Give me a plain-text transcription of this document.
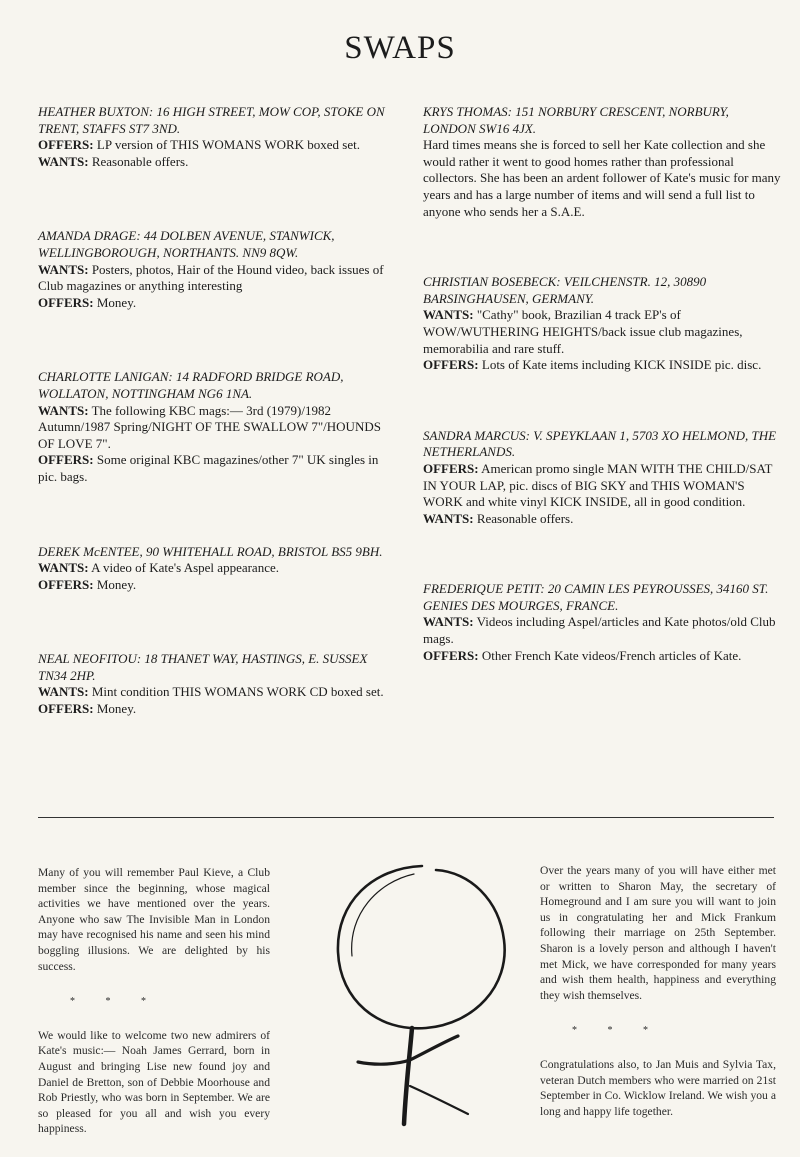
SWAPS
HEATHER BUXTON: 16 HIGH STREET, MOW COP, STOKE ON TRENT, STAFFS ST7 3ND.

OFFERS: LP version of THIS WOMANS WORK boxed set.

WANTS: Reasonable offers.

AMANDA DRAGE: 44 DOLBEN AVENUE, STANWICK, WELLINGBOROUGH, NORTHANTS. NN9 8QW.

WANTS: Posters, photos, Hair of the Hound video, back issues of Club magazines or anything interesting

OFFERS: Money.

CHARLOTTE LANIGAN: 14 RADFORD BRIDGE ROAD, WOLLATON, NOTTINGHAM NG6 1NA.

WANTS: The following KBC mags:— 3rd (1979)/1982 Autumn/1987 Spring/NIGHT OF THE SWALLOW 7"/HOUNDS OF LOVE 7".

OFFERS: Some original KBC magazines/other 7" UK singles in pic. bags.

DEREK McENTEE, 90 WHITEHALL ROAD, BRISTOL BS5 9BH.

WANTS: A video of Kate's Aspel appearance.

OFFERS: Money.

NEAL NEOFITOU: 18 THANET WAY, HASTINGS, E. SUSSEX TN34 2HP.

WANTS: Mint condition THIS WOMANS WORK CD boxed set.

OFFERS: Money.

KRYS THOMAS: 151 NORBURY CRESCENT, NORBURY, LONDON SW16 4JX.

Hard times means she is forced to sell her Kate collection and she would rather it went to good homes rather than professional collectors. She has been an ardent follower of Kate's music for many years and has a large number of items and will send a full list to anyone who sends her a S.A.E.

CHRISTIAN BOSEBECK: VEILCHENSTR. 12, 30890 BARSINGHAUSEN, GERMANY.

WANTS: "Cathy" book, Brazilian 4 track EP's of WOW/WUTHERING HEIGHTS/back issue club magazines, memorabilia and rare stuff.

OFFERS: Lots of Kate items including KICK INSIDE pic. disc.

SANDRA MARCUS: V. SPEYKLAAN 1, 5703 XO HELMOND, THE NETHERLANDS.

OFFERS: American promo single MAN WITH THE CHILD/SAT IN YOUR LAP, pic. discs of BIG SKY and THIS WOMAN'S WORK and white vinyl KICK INSIDE, all in good condition.

WANTS: Reasonable offers.

FREDERIQUE PETIT: 20 CAMIN LES PEYROUSSES, 34160 ST. GENIES DES MOURGES, FRANCE.

WANTS: Videos including Aspel/articles and Kate photos/old Club mags.

OFFERS: Other French Kate videos/French articles of Kate.

Many of you will remember Paul Kieve, a Club member since the beginning, whose magical activities we have mentioned over the years. Anyone who saw The Invisible Man in London may have recognised his name and seen his mind boggling illusions. We are delighted by his success.

* * *

We would like to welcome two new admirers of Kate's music:— Noah James Gerrard, born in August and bringing Lise new found joy and Daniel de Bretton, son of Debbie Moorhouse and Rob Priestly, who was born in September. We are so pleased for you all and wish you every happiness.

Over the years many of you will have either met or written to Sharon May, the secretary of Homeground and I am sure you will want to join us in congratulating her and Mick Frankum following their marriage on 25th September. Sharon is a lovely person and although I haven't met Mick, we have corresponded for many years and wish them health, happiness and everything they wish themselves.

* * *

Congratulations also, to Jan Muis and Sylvia Tax, veteran Dutch members who were married on 21st September in Co. Wicklow Ireland. We wish you a long and happy life together.
